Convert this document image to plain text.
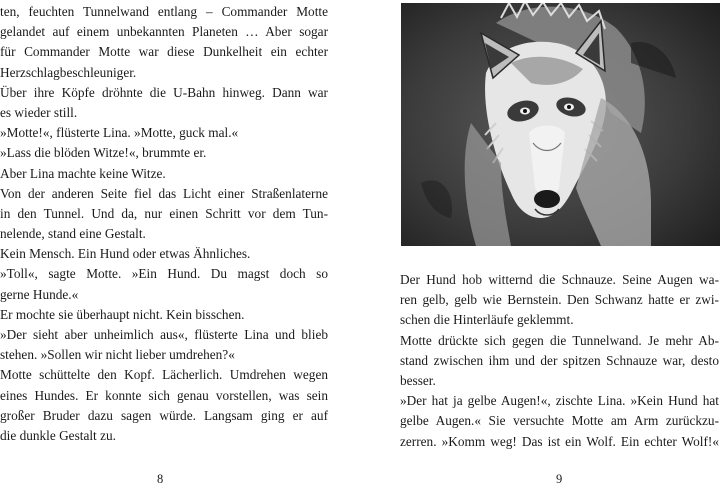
ten, feuchten Tunnelwand entlang – Commander Motte
gelandet auf einem unbekannten Planeten … Aber sogar
für Commander Motte war diese Dunkelheit ein echter
Herzschlagbeschleuniger.
Über ihre Köpfe dröhnte die U-Bahn hinweg. Dann war
es wieder still.
»Motte!«, flüsterte Lina. »Motte, guck mal.«
»Lass die blöden Witze!«, brummte er.
Aber Lina machte keine Witze.
Von der anderen Seite fiel das Licht einer Straßenlaterne
in den Tunnel. Und da, nur einen Schritt vor dem Tun-
nelende, stand eine Gestalt.
Kein Mensch. Ein Hund oder etwas Ähnliches.
»Toll«, sagte Motte. »Ein Hund. Du magst doch so
gerne Hunde.«
Er mochte sie überhaupt nicht. Kein bisschen.
»Der sieht aber unheimlich aus«, flüsterte Lina und blieb
stehen. »Sollen wir nicht lieber umdrehen?«
Motte schüttelte den Kopf. Lächerlich. Umdrehen wegen
eines Hundes. Er konnte sich genau vorstellen, was sein
großer Bruder dazu sagen würde. Langsam ging er auf
die dunkle Gestalt zu.
8
Der Hund hob witternd die Schnauze. Seine Augen wa-
ren gelb, gelb wie Bernstein. Den Schwanz hatte er zwi-
schen die Hinterläufe geklemmt.
Motte drückte sich gegen die Tunnelwand. Je mehr Ab-
stand zwischen ihm und der spitzen Schnauze war, desto
besser.
»Der hat ja gelbe Augen!«, zischte Lina. »Kein Hund hat
gelbe Augen.« Sie versuchte Motte am Arm zurückzu-
zerren. »Komm weg! Das ist ein Wolf. Ein echter Wolf!«
9
